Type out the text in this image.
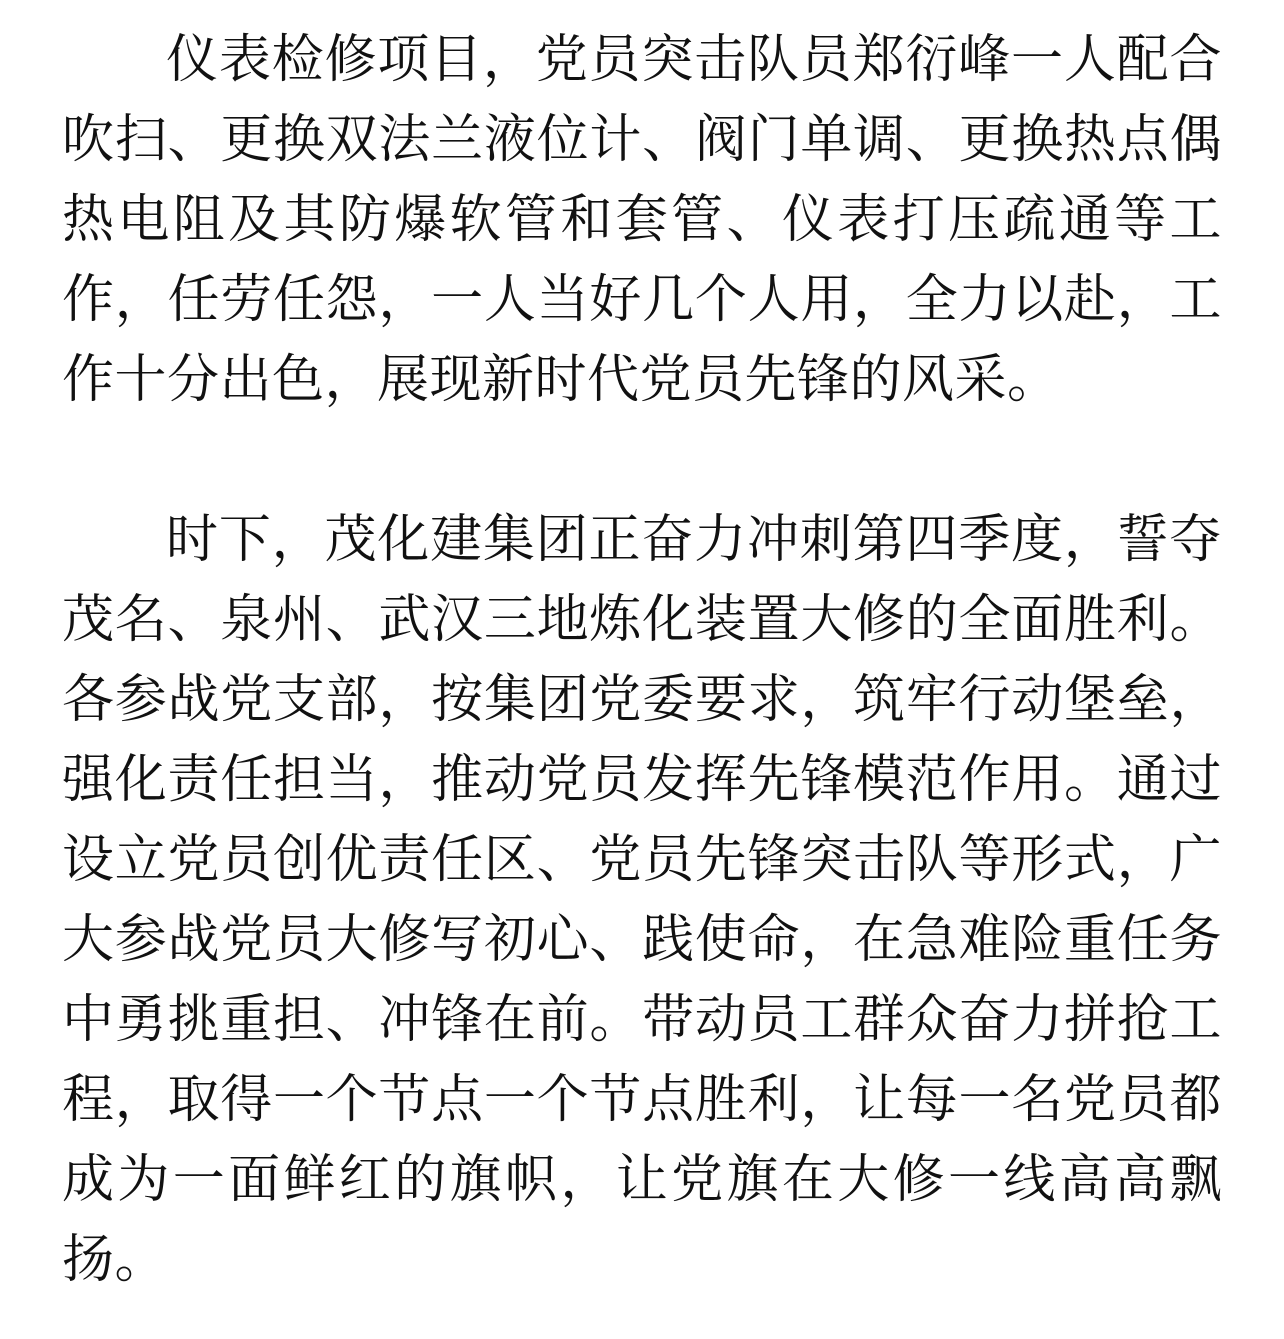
仪表检修项目，党员突击队员郑衍峰一人配合
吹扫、更换双法兰液位计、阀门单调、更换热点偶
热电阻及其防爆软管和套管、仪表打压疏通等工
作，任劳任怨，一人当好几个人用，全力以赴，工
作十分出色，展现新时代党员先锋的风采。
时下，茂化建集团正奋力冲刺第四季度，誓夺
茂名、泉州、武汉三地炼化装置大修的全面胜利。
各参战党支部，按集团党委要求，筑牢行动堡垒，
强化责任担当，推动党员发挥先锋模范作用。通过
设立党员创优责任区、党员先锋突击队等形式，广
大参战党员大修写初心、践使命，在急难险重任务
中勇挑重担、冲锋在前。带动员工群众奋力拼抢工
程，取得一个节点一个节点胜利，让每一名党员都
成为一面鲜红的旗帜，让党旗在大修一线高高飘
扬。
